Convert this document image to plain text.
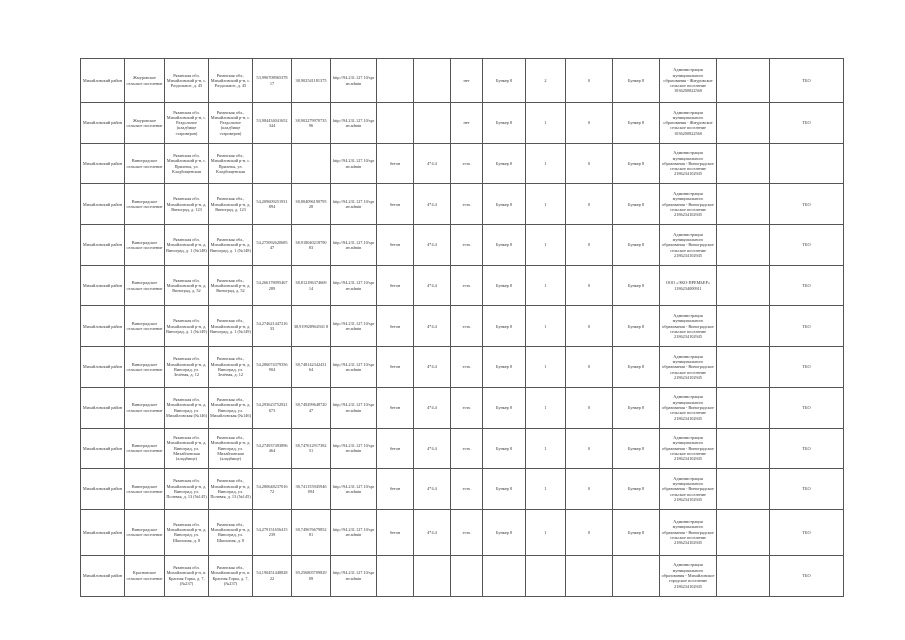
Михайловский район	Жмуровское сельское поселение	Рязанская обл. Михайловский р-н, с. Раздольное, д. 45	Рязанская обл., Михайловский р-н, с. Раздольное, д. 45	53,996708965378 17	38,902541181375	http://94.231.127.10/spr ит.admin			нет	Бункер 8	2	0	Бункер 8	Администрация муниципального образования - Жмуровское сельское поселение 1036200822560		ТБО
Михайловский район	Жмуровское сельское поселение	Рязанская обл. Михайловский р-н, с. Раздольное (кладбище староверов)	Рязанская обл., Михайловский р-н, с. Раздольное (кладбище староверов)	53,984434041652 344	38,902279970735 96	http://94.231.127.10/spr ит.admin			нет	Бункер 8	1	0	Бункер 8	Администрация муниципального образования - Жмуровское сельское поселение 1036200822560		ТБО
Михайловский район	Виноградское сельское поселение	Рязанская обл. Михайловский р-н, с. Прилепы, ул. Кладбищенская	Рязанская обл., Михайловский р-н, с. Прилепы, ул. Кладбищенская			http://94.231.127.10/spr ит.admin	бетон	4*4.4	есть	Бункер 8	1	0	Бункер 8	Администрация муниципального образования - Виноградское сельское поселение 2186234102945		
Михайловский район	Виноградское сельское поселение	Рязанская обл. Михайловский р-н, д. Виноград, д. 123	Рязанская обл., Михайловский р-н, д. Виноград, д. 123	54,209609251931 894	38,804096190795 28	http://94.231.127.10/spr ит.admin	бетон	4*4.4	есть	Бункер 8	1	0	Бункер 8	Администрация муниципального образования - Виноградское сельское поселение 2186234102945		ТБО
Михайловский район	Виноградское сельское поселение	Рязанская обл. Михайловский р-н, д. Виноград, д. 1 (№148)	Рязанская обл., Михайловский р-н, д. Виноград, д. 1 (№148)	54,275092620685 47	38,918040218790 83	http://94.231.127.10/spr ит.admin	бетон	4*4.4	есть	Бункер 8	1	0	Бункер 8	Администрация муниципального образования - Виноградское сельское поселение 2186234102945		ТБО
Михайловский район	Виноградское сельское поселение	Рязанская обл. Михайловский р-н, д. Виноград, д. 52	Рязанская обл., Михайловский р-н, д. Виноград, д. 52	54,266178095467 289	38,812186374669 14	http://94.231.127.10/spr ит.admin	бетон	4*4.4	есть	Бункер 8	1	0	Бункер 8	ООО «ЭКО-ПРЕМЬЕР» 1186234000911		ТБО
Михайловский район	Виноградское сельское поселение	Рязанская обл. Михайловский р-н, д. Виноград, д. 1 (№149)	Рязанская обл., Михайловский р-н, д. Виноград, д. 1 (№149)	54,274621447216 33	38,919928962941 8	http://94.231.127.10/spr ит.admin	бетон	4*4.4	есть	Бункер 8	1	0	Бункер 8	Администрация муниципального образования - Виноградское сельское поселение 2186234102945		ТБО
Михайловский район	Виноградское сельское поселение	Рязанская обл. Михайловский р-н, д. Виноград, ул. Зелёная, д. 12	Рязанская обл., Михайловский р-н, д. Виноград, ул. Зелёная, д. 12	54,286074379356 904	38,748142342431 64	http://94.231.127.10/spr ит.admin	бетон	4*4.4	есть	Бункер 8	1	0	Бункер 8	Администрация муниципального образования - Виноградское сельское поселение 2186234102945		ТБО
Михайловский район	Виноградское сельское поселение	Рязанская обл. Михайловский р-н, д. Виноград, ул. Михайловская (№146)	Рязанская обл., Михайловский р-н, д. Виноград, ул. Михайловская (№146)	54,293623752921 673	38,749299648720 47	http://94.231.127.10/spr ит.admin	бетон	4*4.4	есть	Бункер 8	1	0	Бункер 8	Администрация муниципального образования - Виноградское сельское поселение 2186234102945		ТБО
Михайловский район	Виноградское сельское поселение	Рязанская обл. Михайловский р-н, д. Виноград, ул. Михайловская (кладбище)	Рязанская обл., Михайловский р-н, д. Виноград, ул. Михайловская (кладбище)	54,274937493896 464	38,747612917382 51	http://94.231.127.10/spr ит.admin	бетон	4*4.4	есть	Бункер 8	1	0	Бункер 8	Администрация муниципального образования - Виноградское сельское поселение 2186234102945		ТБО
Михайловский район	Виноградское сельское поселение	Рязанская обл. Михайловский р-н, д. Виноград, ул. Полевая, д. 13 (№145)	Рязанская обл., Михайловский р-н, д. Виноград, ул. Полевая, д. 13 (№145)	54,280648237016 72	38,741155945946 094	http://94.231.127.10/spr ит.admin	бетон	4*4.4	есть	Бункер 8	1	0	Бункер 8	Администрация муниципального образования - Виноградское сельское поселение 2186234102945		ТБО
Михайловский район	Виноградское сельское поселение	Рязанская обл. Михайловский р-н, д. Виноград, ул. Школьная, д. 8	Рязанская обл., Михайловский р-н, д. Виноград, ул. Школьная, д. 8	54,279151656415 239	38,749676679852 81	http://94.231.127.10/spr ит.admin	бетон	4*4.4	есть	Бункер 8	1	0	Бункер 8	Администрация муниципального образования - Виноградское сельское поселение 2186234102945		ТБО
Михайловский район	Красновское сельское поселение	Рязанская обл. Михайловский р-н, п. Красная Горка, д. 7, (№237)	Рязанская обл., Михайловский р-н, п. Красная Горка, д. 7, (№237)	54,190451448828 22	39,256805709829 09	http://94.231.127.10/spr ит.admin								Администрация муниципального образования - Михайловское городское поселение 2186234102945		ТБО
